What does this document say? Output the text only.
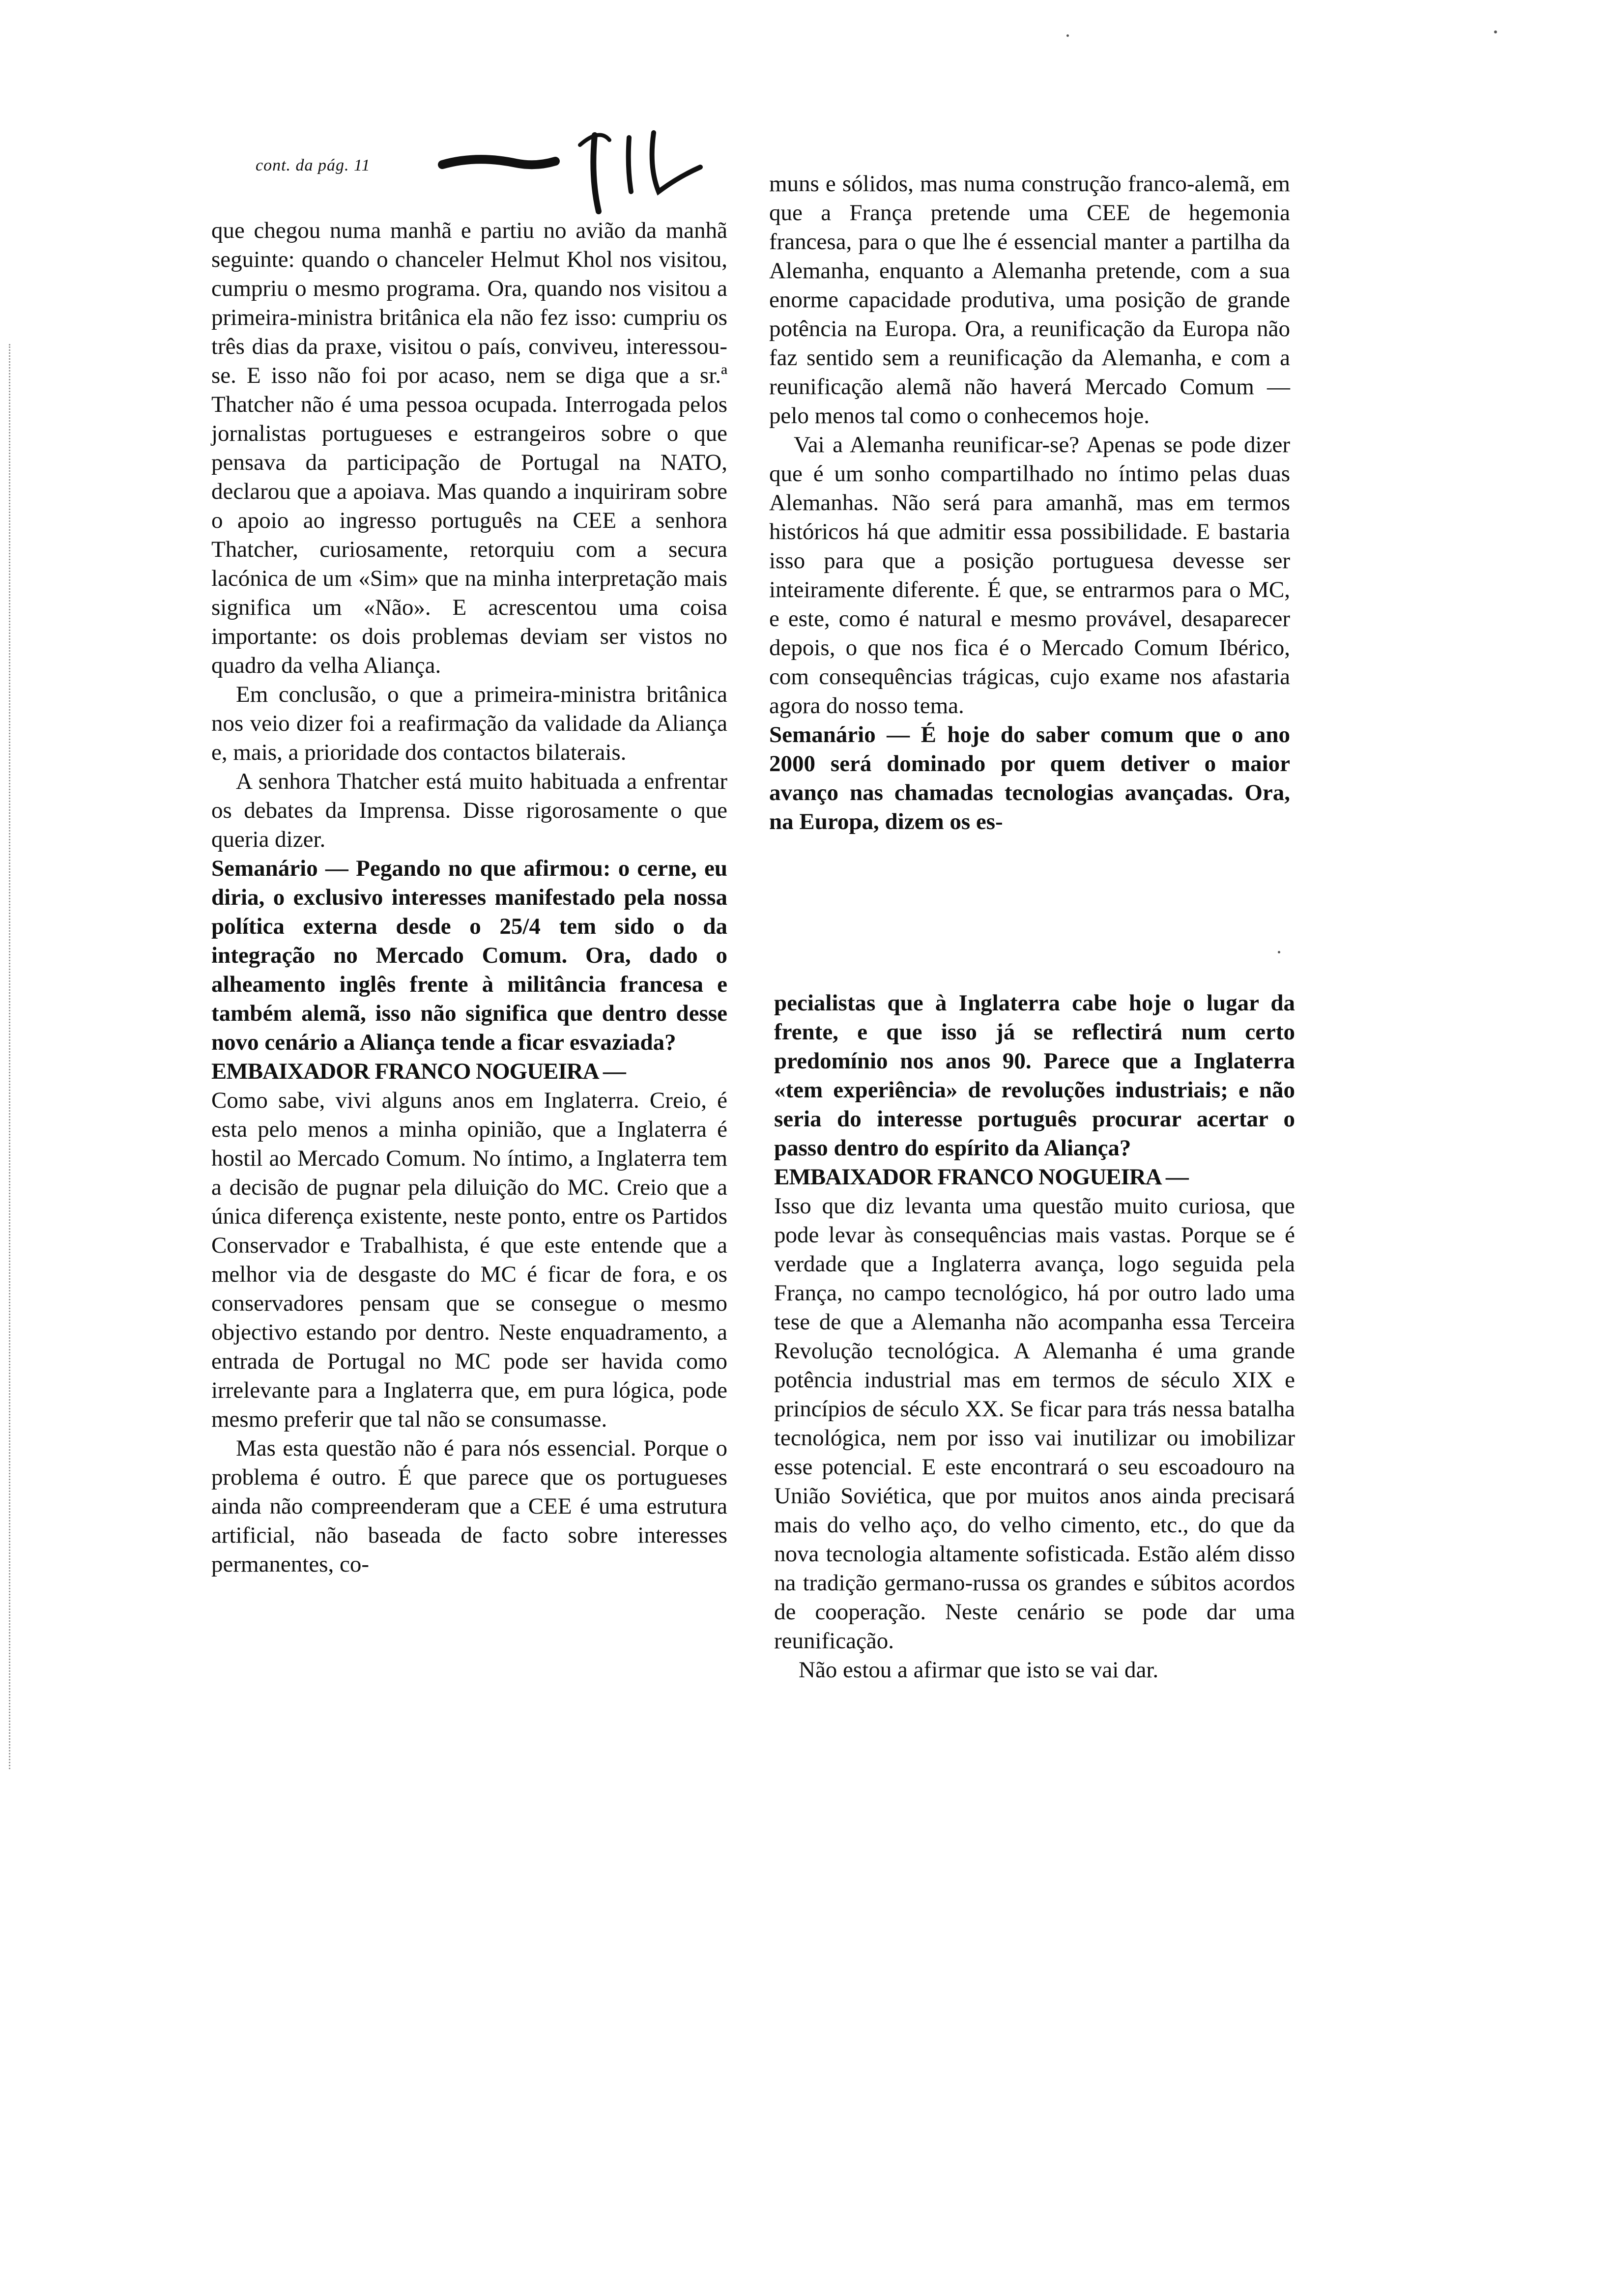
cont. da pág. 11

que chegou numa manhã e partiu no avião da manhã seguinte: quando o chanceler Helmut Khol nos visitou, cumpriu o mesmo programa. Ora, quando nos visitou a primeira-ministra britânica ela não fez isso: cumpriu os três dias da praxe, visitou o país, conviveu, interessou-se. E isso não foi por acaso, nem se diga que a sr.ª Thatcher não é uma pessoa ocupada. Interrogada pelos jornalistas portugueses e estrangeiros sobre o que pensava da participação de Portugal na NATO, declarou que a apoiava. Mas quando a inquiriram sobre o apoio ao ingresso português na CEE a senhora Thatcher, curiosamente, retorquiu com a secura lacónica de um «Sim» que na minha interpretação mais significa um «Não». E acrescentou uma coisa importante: os dois problemas deviam ser vistos no quadro da velha Aliança.

Em conclusão, o que a primeira-ministra britânica nos veio dizer foi a reafirmação da validade da Aliança e, mais, a prioridade dos contactos bilaterais.

A senhora Thatcher está muito habituada a enfrentar os debates da Imprensa. Disse rigorosamente o que queria dizer.

Semanário — Pegando no que afirmou: o cerne, eu diria, o exclusivo interesses manifestado pela nossa política externa desde o 25/4 tem sido o da integração no Mercado Comum. Ora, dado o alheamento inglês frente à militância francesa e também alemã, isso não significa que dentro desse novo cenário a Aliança tende a ficar esvaziada?

EMBAIXADOR FRANCO NOGUEIRA —

Como sabe, vivi alguns anos em Inglaterra. Creio, é esta pelo menos a minha opinião, que a Inglaterra é hostil ao Mercado Comum. No íntimo, a Inglaterra tem a decisão de pugnar pela diluição do MC. Creio que a única diferença existente, neste ponto, entre os Partidos Conservador e Trabalhista, é que este entende que a melhor via de desgaste do MC é ficar de fora, e os conservadores pensam que se consegue o mesmo objectivo estando por dentro. Neste enquadramento, a entrada de Portugal no MC pode ser havida como irrelevante para a Inglaterra que, em pura lógica, pode mesmo preferir que tal não se consumasse.

Mas esta questão não é para nós essencial. Porque o problema é outro. É que parece que os portugueses ainda não compreenderam que a CEE é uma estrutura artificial, não baseada de facto sobre interesses permanentes, co-

muns e sólidos, mas numa construção franco-alemã, em que a França pretende uma CEE de hegemonia francesa, para o que lhe é essencial manter a partilha da Alemanha, enquanto a Alemanha pretende, com a sua enorme capacidade produtiva, uma posição de grande potência na Europa. Ora, a reunificação da Europa não faz sentido sem a reunificação da Alemanha, e com a reunificação alemã não haverá Mercado Comum — pelo menos tal como o conhecemos hoje.

Vai a Alemanha reunificar-se? Apenas se pode dizer que é um sonho compartilhado no íntimo pelas duas Alemanhas. Não será para amanhã, mas em termos históricos há que admitir essa possibilidade. E bastaria isso para que a posição portuguesa devesse ser inteiramente diferente. É que, se entrarmos para o MC, e este, como é natural e mesmo provável, desaparecer depois, o que nos fica é o Mercado Comum Ibérico, com consequências trágicas, cujo exame nos afastaria agora do nosso tema.

Semanário — É hoje do saber comum que o ano 2000 será dominado por quem detiver o maior avanço nas chamadas tecnologias avançadas. Ora, na Europa, dizem os es-

pecialistas que à Inglaterra cabe hoje o lugar da frente, e que isso já se reflectirá num certo predomínio nos anos 90. Parece que a Inglaterra «tem experiência» de revoluções industriais; e não seria do interesse português procurar acertar o passo dentro do espírito da Aliança?

EMBAIXADOR FRANCO NOGUEIRA —

Isso que diz levanta uma questão muito curiosa, que pode levar às consequências mais vastas. Porque se é verdade que a Inglaterra avança, logo seguida pela França, no campo tecnológico, há por outro lado uma tese de que a Alemanha não acompanha essa Terceira Revolução tecnológica. A Alemanha é uma grande potência industrial mas em termos de século XIX e princípios de século XX. Se ficar para trás nessa batalha tecnológica, nem por isso vai inutilizar ou imobilizar esse potencial. E este encontrará o seu escoadouro na União Soviética, que por muitos anos ainda precisará mais do velho aço, do velho cimento, etc., do que da nova tecnologia altamente sofisticada. Estão além disso na tradição germano-russa os grandes e súbitos acordos de cooperação. Neste cenário se pode dar uma reunificação.

Não estou a afirmar que isto se vai dar.
